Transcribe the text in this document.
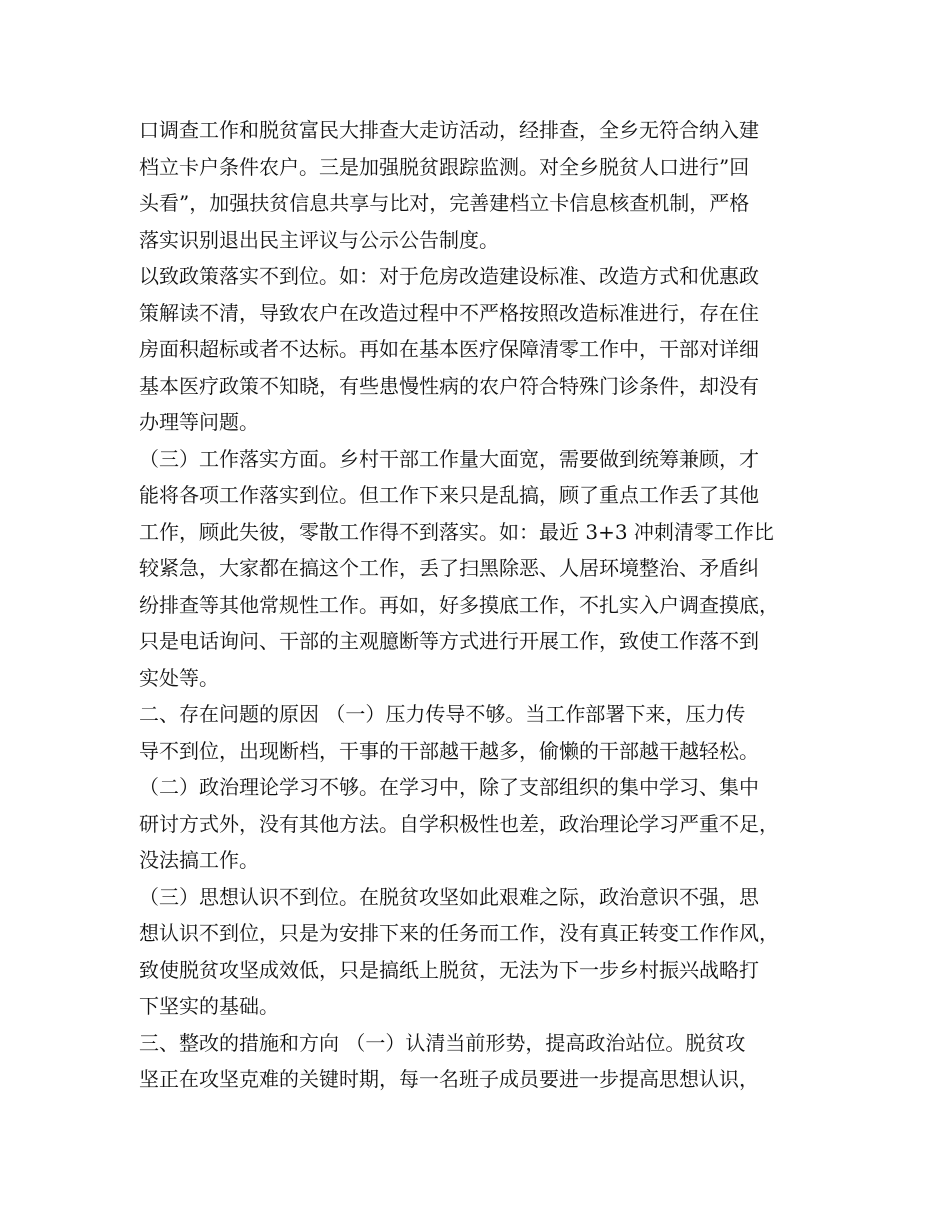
口调查工作和脱贫富民大排查大走访活动，经排查，全乡无符合纳入建
档立卡户条件农户。三是加强脱贫跟踪监测。对全乡脱贫人口进行”回
头看”，加强扶贫信息共享与比对，完善建档立卡信息核查机制，严格
落实识别退出民主评议与公示公告制度。
以致政策落实不到位。如：对于危房改造建设标准、改造方式和优惠政
策解读不清，导致农户在改造过程中不严格按照改造标准进行，存在住
房面积超标或者不达标。再如在基本医疗保障清零工作中，干部对详细
基本医疗政策不知晓，有些患慢性病的农户符合特殊门诊条件，却没有
办理等问题。
（三）工作落实方面。乡村干部工作量大面宽，需要做到统筹兼顾，才
能将各项工作落实到位。但工作下来只是乱搞，顾了重点工作丢了其他
工作，顾此失彼，零散工作得不到落实。如：最近 3+3 冲刺清零工作比
较紧急，大家都在搞这个工作，丢了扫黑除恶、人居环境整治、矛盾纠
纷排查等其他常规性工作。再如，好多摸底工作，不扎实入户调查摸底，
只是电话询问、干部的主观臆断等方式进行开展工作，致使工作落不到
实处等。
二、存在问题的原因 （一）压力传导不够。当工作部署下来，压力传
导不到位，出现断档，干事的干部越干越多，偷懒的干部越干越轻松。
（二）政治理论学习不够。在学习中，除了支部组织的集中学习、集中
研讨方式外，没有其他方法。自学积极性也差，政治理论学习严重不足，
没法搞工作。
（三）思想认识不到位。在脱贫攻坚如此艰难之际，政治意识不强，思
想认识不到位，只是为安排下来的任务而工作，没有真正转变工作作风，
致使脱贫攻坚成效低，只是搞纸上脱贫，无法为下一步乡村振兴战略打
下坚实的基础。
三、整改的措施和方向 （一）认清当前形势，提高政治站位。脱贫攻
坚正在攻坚克难的关键时期，每一名班子成员要进一步提高思想认识，
